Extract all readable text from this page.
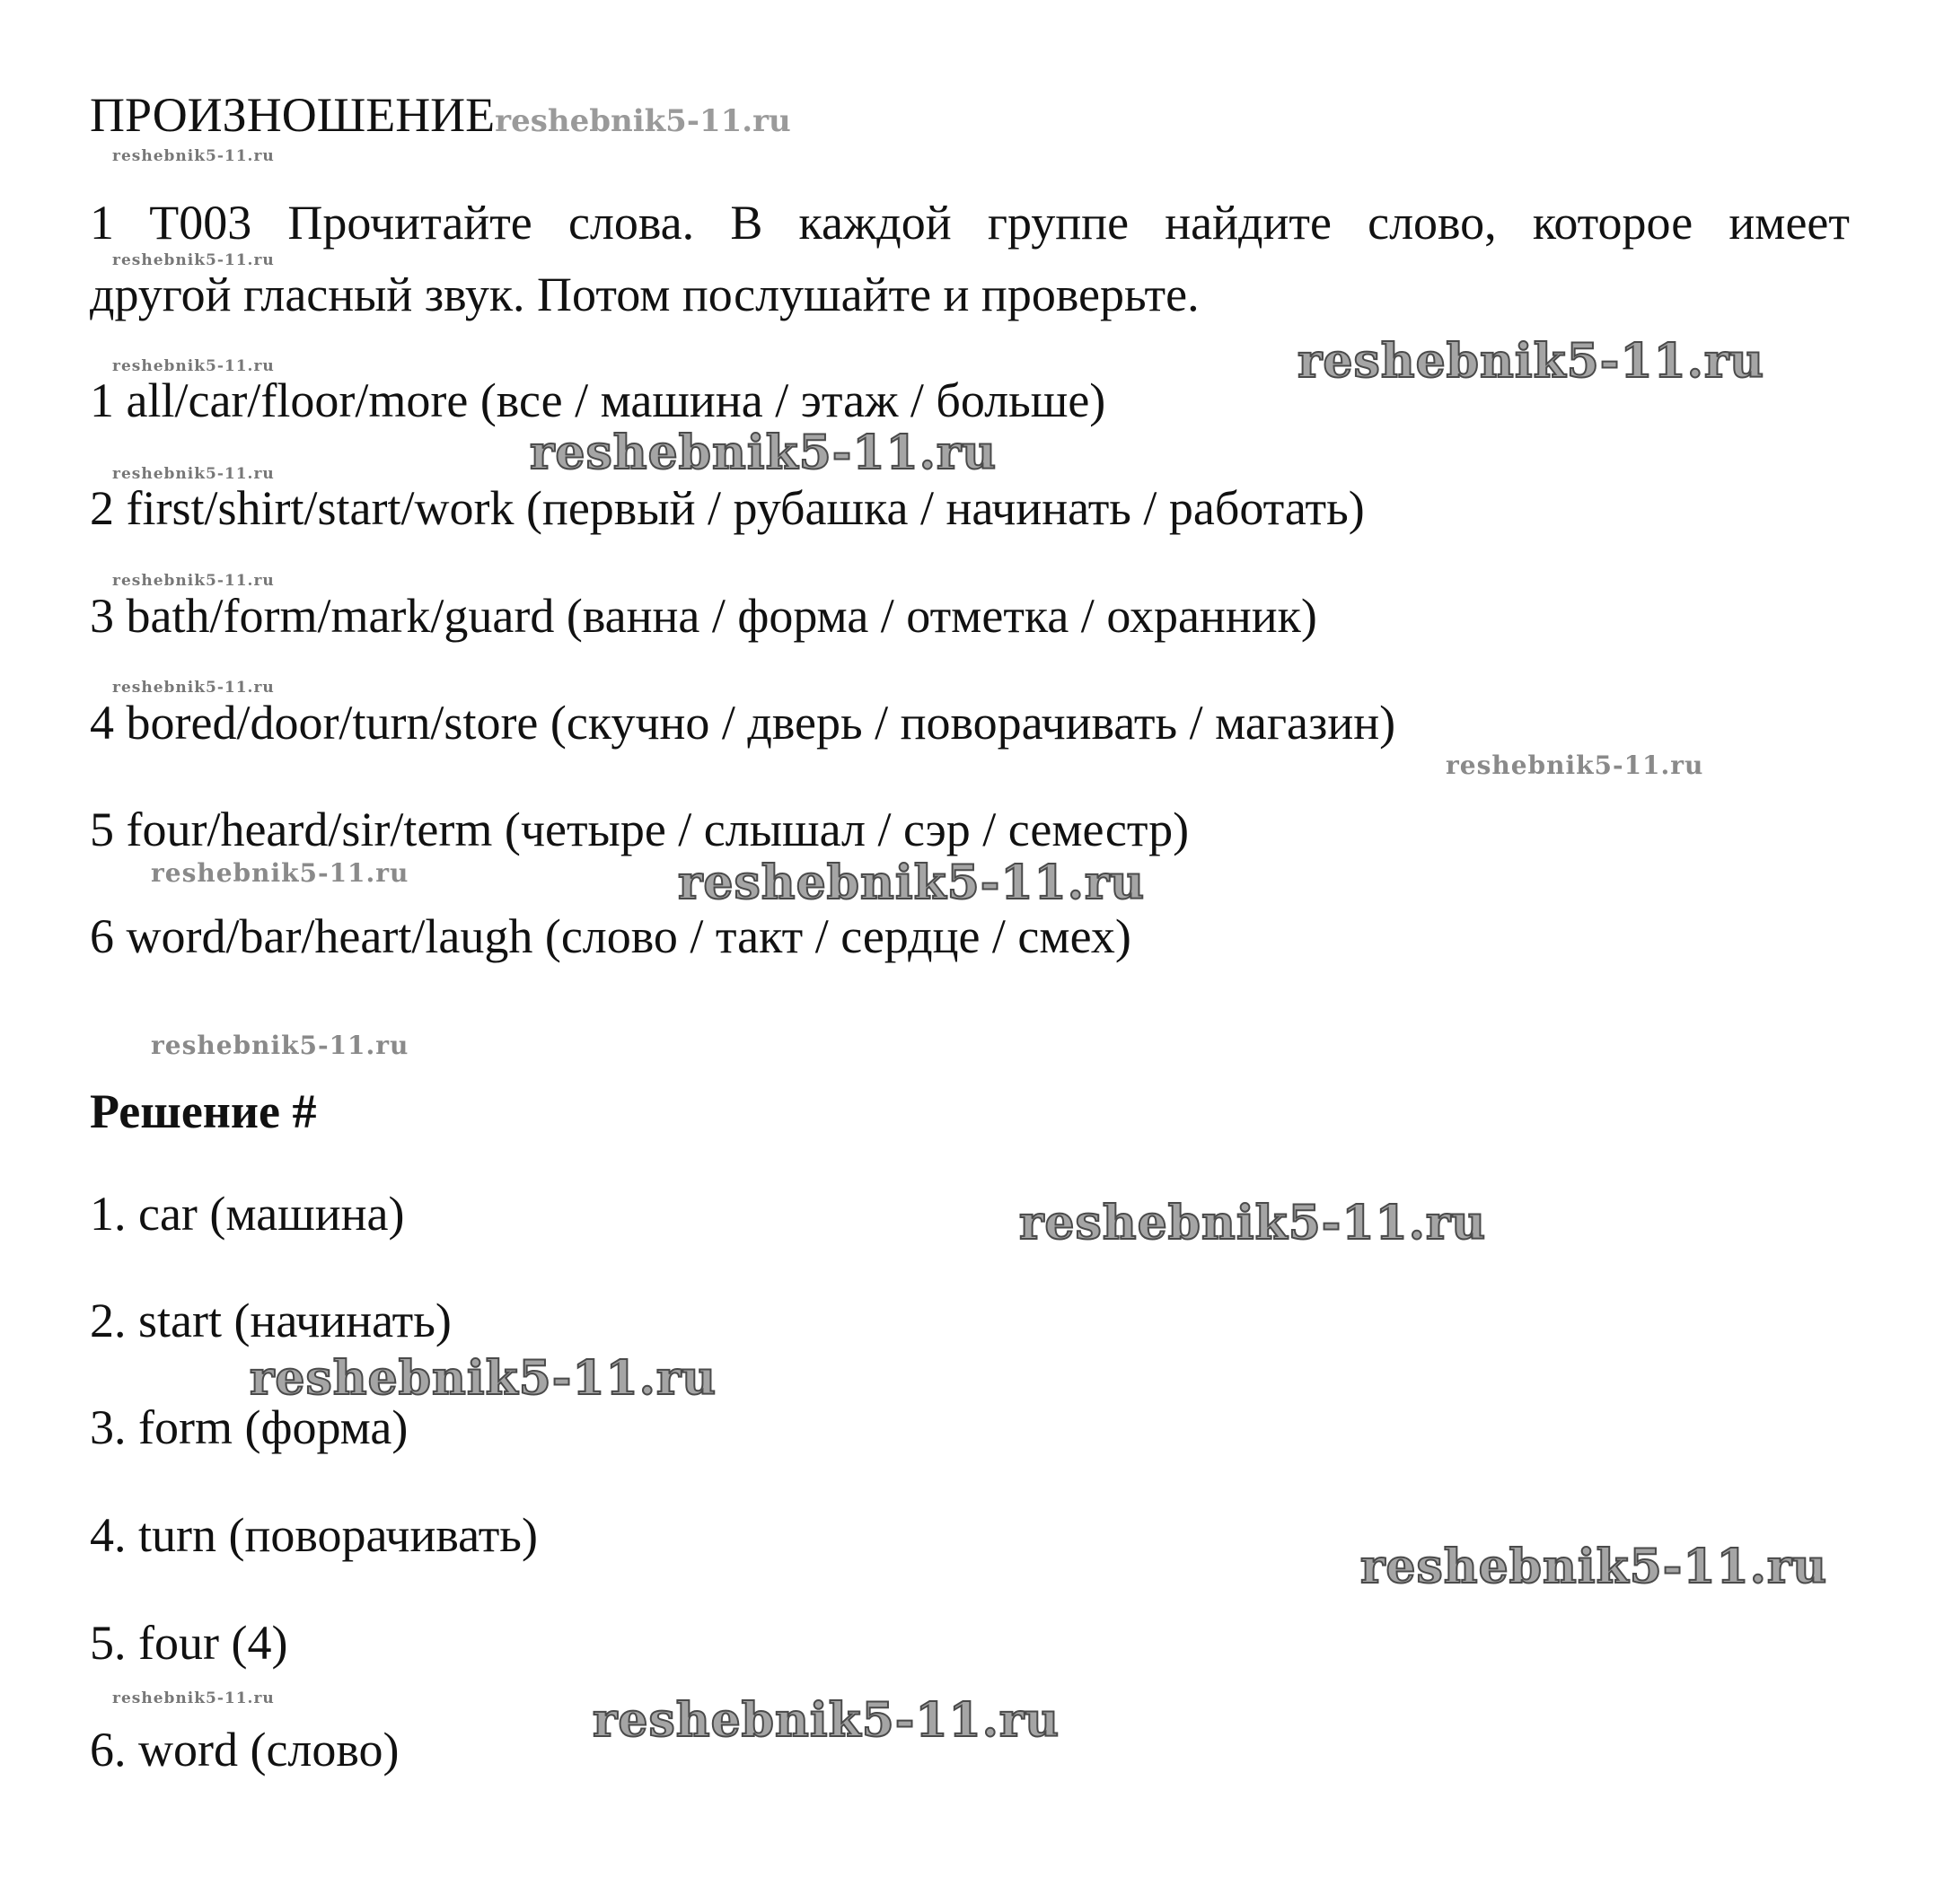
ПРОИЗНОШЕНИЕreshebnik5-11.ru
1 T003 Прочитайте слова. В каждой группе найдите слово, которое имеет
другой гласный звук. Потом послушайте и проверьте.
1 all/car/floor/more (все / машина / этаж / больше)
2 first/shirt/start/work (первый / рубашка / начинать / работать)
3 bath/form/mark/guard (ванна / форма / отметка / охранник)
4 bored/door/turn/store (скучно / дверь / поворачивать / магазин)
5 four/heard/sir/term (четыре / слышал / сэр / семестр)
6 word/bar/heart/laugh (слово / такт / сердце / смех)
Решение #
1. car (машина)
2. start (начинать)
3. form (форма)
4. turn (поворачивать)
5. four (4)
6. word (слово)
reshebnik5-11.ru
reshebnik5-11.ru
reshebnik5-11.ru
reshebnik5-11.ru
reshebnik5-11.ru
reshebnik5-11.ru
reshebnik5-11.ru
reshebnik5-11.ru
reshebnik5-11.ru
reshebnik5-11.ru
reshebnik5-11.ru	reshebnik5-11.ru
reshebnik5-11.ru
reshebnik5-11.ru
reshebnik5-11.ru
reshebnik5-11.ru
reshebnik5-11.ru
